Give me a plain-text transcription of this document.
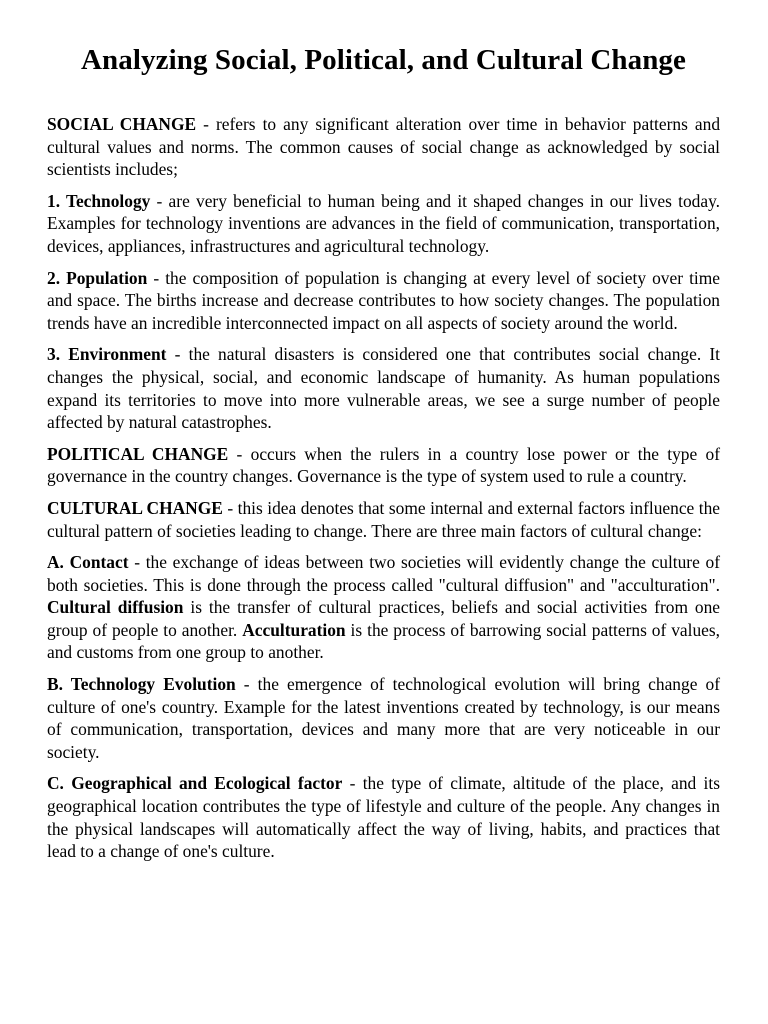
Analyzing Social, Political, and Cultural Change

SOCIAL CHANGE - refers to any significant alteration over time in behavior patterns and cultural values and norms. The common causes of social change as acknowledged by social scientists includes;

1. Technology - are very beneficial to human being and it shaped changes in our lives today. Examples for technology inventions are advances in the field of communication, transportation, devices, appliances, infrastructures and agricultural technology.

2. Population - the composition of population is changing at every level of society over time and space. The births increase and decrease contributes to how society changes. The population trends have an incredible interconnected impact on all aspects of society around the world.

3. Environment - the natural disasters is considered one that contributes social change. It changes the physical, social, and economic landscape of humanity. As human populations expand its territories to move into more vulnerable areas, we see a surge number of people affected by natural catastrophes.

POLITICAL CHANGE - occurs when the rulers in a country lose power or the type of governance in the country changes. Governance is the type of system used to rule a country.

CULTURAL CHANGE - this idea denotes that some internal and external factors influence the cultural pattern of societies leading to change. There are three main factors of cultural change:

A. Contact - the exchange of ideas between two societies will evidently change the culture of both societies. This is done through the process called "cultural diffusion" and "acculturation". Cultural diffusion is the transfer of cultural practices, beliefs and social activities from one group of people to another. Acculturation is the process of barrowing social patterns of values, and customs from one group to another.

B. Technology Evolution - the emergence of technological evolution will bring change of culture of one's country. Example for the latest inventions created by technology, is our means of communication, transportation, devices and many more that are very noticeable in our society.

C. Geographical and Ecological factor - the type of climate, altitude of the place, and its geographical location contributes the type of lifestyle and culture of the people. Any changes in the physical landscapes will automatically affect the way of living, habits, and practices that lead to a change of one's culture.
